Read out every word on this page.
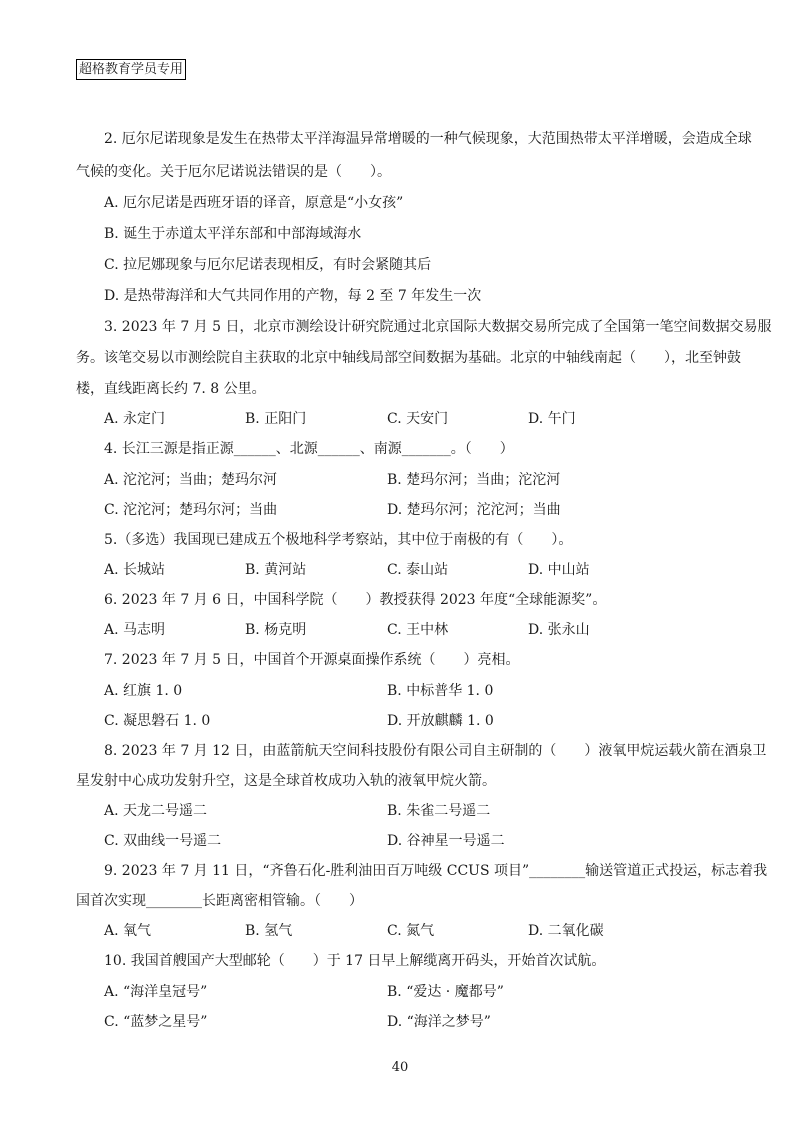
超格教育学员专用
2. 厄尔尼诺现象是发生在热带太平洋海温异常增暖的一种气候现象，大范围热带太平洋增暖，会造成全球
气候的变化。关于厄尔尼诺说法错误的是（　　）。
A. 厄尔尼诺是西班牙语的译音，原意是“小女孩”
B. 诞生于赤道太平洋东部和中部海域海水
C. 拉尼娜现象与厄尔尼诺表现相反，有时会紧随其后
D. 是热带海洋和大气共同作用的产物，每 2 至 7 年发生一次
3. 2023 年 7 月 5 日，北京市测绘设计研究院通过北京国际大数据交易所完成了全国第一笔空间数据交易服
务。该笔交易以市测绘院自主获取的北京中轴线局部空间数据为基础。北京的中轴线南起（　　），北至钟鼓
楼，直线距离长约 7. 8 公里。
A. 永定门	B. 正阳门	C. 天安门	D. 午门
4. 长江三源是指正源______、北源______、南源_______。（　　）
A. 沱沱河；当曲；楚玛尔河	B. 楚玛尔河；当曲；沱沱河
C. 沱沱河；楚玛尔河；当曲	D. 楚玛尔河；沱沱河；当曲
5.（多选）我国现已建成五个极地科学考察站，其中位于南极的有（　　）。
A. 长城站	B. 黄河站	C. 泰山站	D. 中山站
6. 2023 年 7 月 6 日，中国科学院（　　）教授获得 2023 年度“全球能源奖”。
A. 马志明	B. 杨克明	C. 王中林	D. 张永山
7. 2023 年 7 月 5 日，中国首个开源桌面操作系统（　　）亮相。
A. 红旗 1. 0	B. 中标普华 1. 0
C. 凝思磐石 1. 0	D. 开放麒麟 1. 0
8. 2023 年 7 月 12 日，由蓝箭航天空间科技股份有限公司自主研制的（　　）液氧甲烷运载火箭在酒泉卫
星发射中心成功发射升空，这是全球首枚成功入轨的液氧甲烷火箭。
A. 天龙二号遥二	B. 朱雀二号遥二
C. 双曲线一号遥二	D. 谷神星一号遥二
9. 2023 年 7 月 11 日，“齐鲁石化-胜利油田百万吨级 CCUS 项目”________输送管道正式投运，标志着我
国首次实现________长距离密相管输。（　　）
A. 氧气	B. 氢气	C. 氮气	D. 二氧化碳
10. 我国首艘国产大型邮轮（　　）于 17 日早上解缆离开码头，开始首次试航。
A. “海洋皇冠号”	B. “爱达 · 魔都号”
C. “蓝梦之星号”	D. “海洋之梦号”
40
